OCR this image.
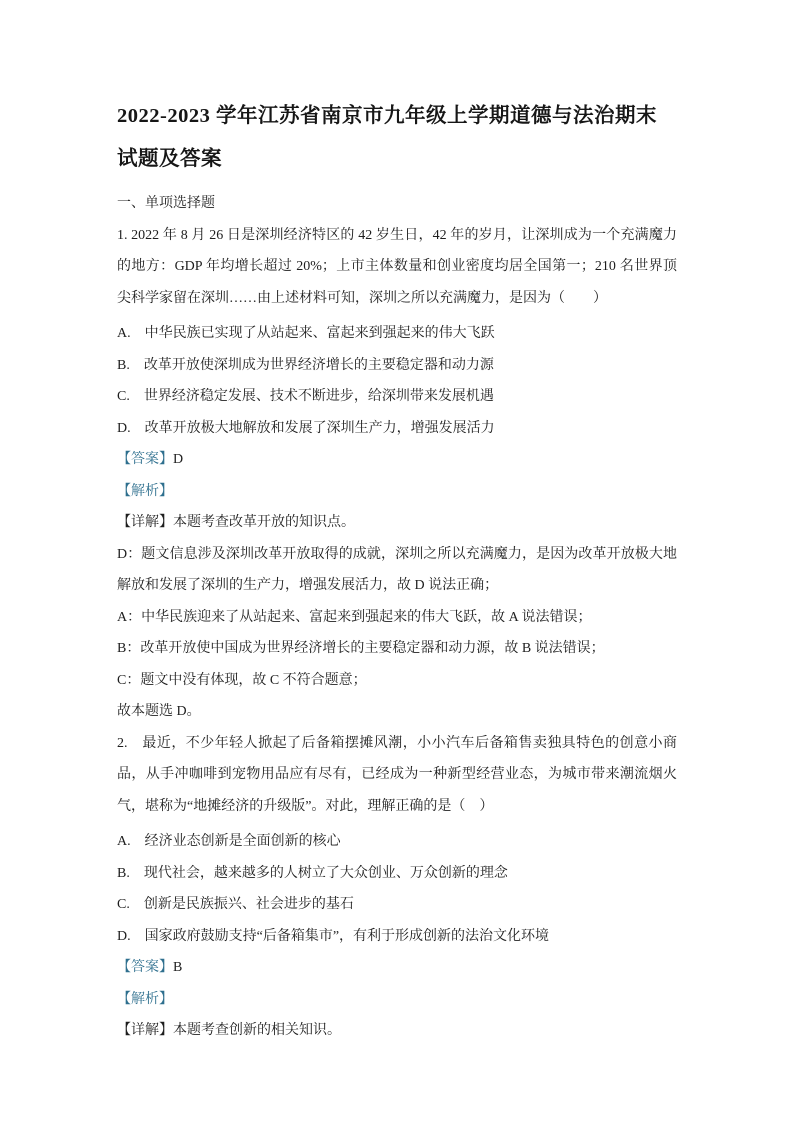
2022-2023 学年江苏省南京市九年级上学期道德与法治期末
试题及答案
一、单项选择题

1. 2022 年 8 月 26 日是深圳经济特区的 42 岁生日，42 年的岁月，让深圳成为一个充满魔力的地方：GDP 年均增长超过 20%；上市主体数量和创业密度均居全国第一；210 名世界顶尖科学家留在深圳……由上述材料可知，深圳之所以充满魔力，是因为（　　）

A.　中华民族已实现了从站起来、富起来到强起来的伟大飞跃

B.　改革开放使深圳成为世界经济增长的主要稳定器和动力源

C.　世界经济稳定发展、技术不断进步，给深圳带来发展机遇

D.　改革开放极大地解放和发展了深圳生产力，增强发展活力

【答案】D

【解析】

【详解】本题考查改革开放的知识点。

D：题文信息涉及深圳改革开放取得的成就，深圳之所以充满魔力，是因为改革开放极大地解放和发展了深圳的生产力，增强发展活力，故 D 说法正确；

A：中华民族迎来了从站起来、富起来到强起来的伟大飞跃，故 A 说法错误；

B：改革开放使中国成为世界经济增长的主要稳定器和动力源，故 B 说法错误；

C：题文中没有体现，故 C 不符合题意；

故本题选 D。

2.　最近，不少年轻人掀起了后备箱摆摊风潮，小小汽车后备箱售卖独具特色的创意小商品，从手冲咖啡到宠物用品应有尽有，已经成为一种新型经营业态，为城市带来潮流烟火气，堪称为“地摊经济的升级版”。对此，理解正确的是（　）

A.　经济业态创新是全面创新的核心

B.　现代社会，越来越多的人树立了大众创业、万众创新的理念

C.　创新是民族振兴、社会进步的基石

D.　国家政府鼓励支持“后备箱集市”，有利于形成创新的法治文化环境

【答案】B

【解析】

【详解】本题考查创新的相关知识。
